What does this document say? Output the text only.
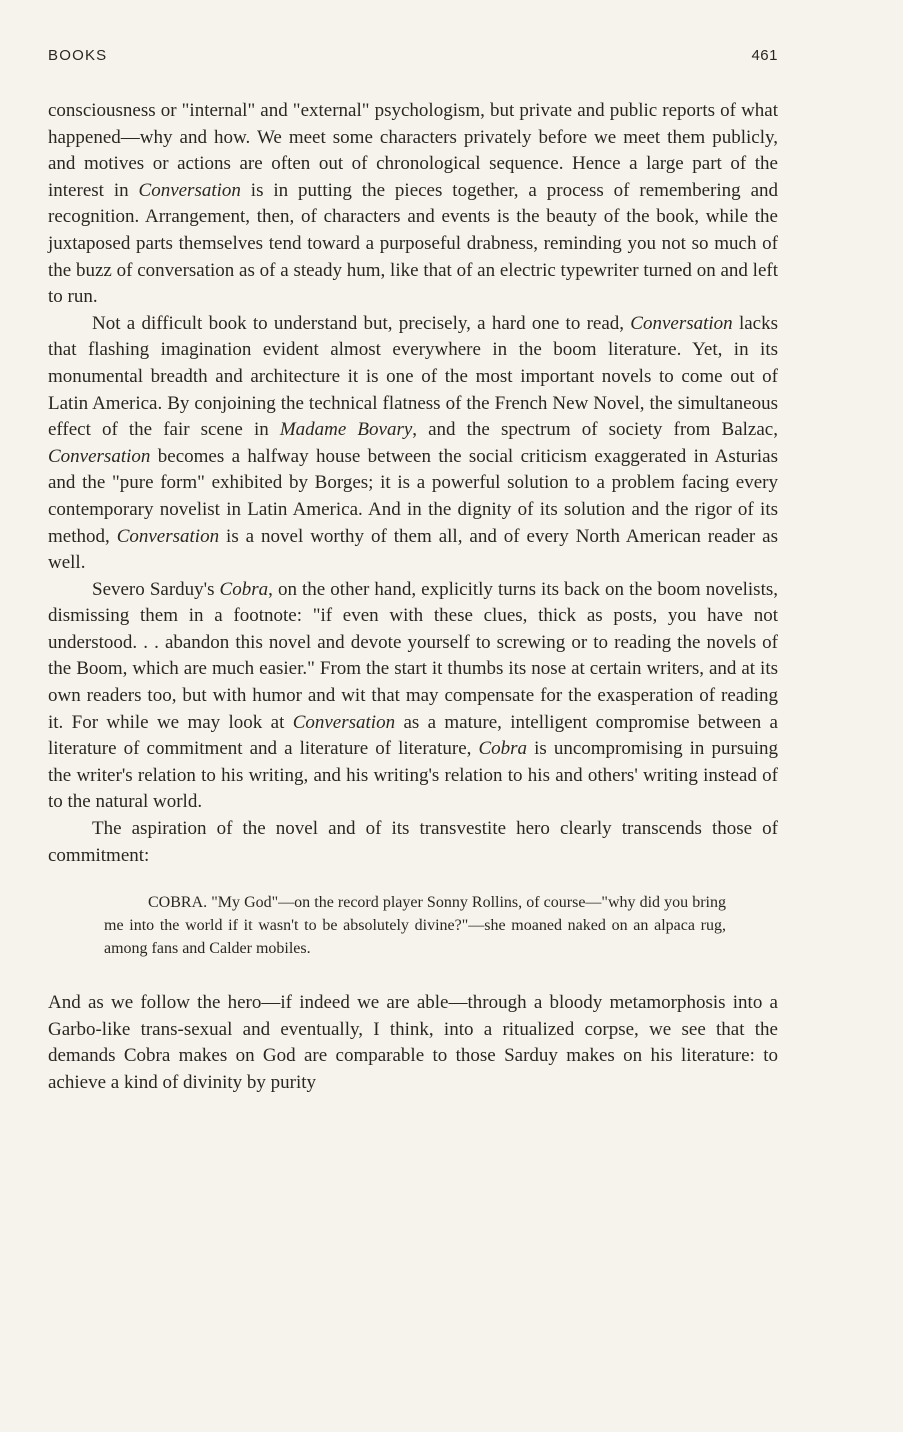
BOOKS	461

consciousness or "internal" and "external" psychologism, but private and public reports of what happened—why and how. We meet some characters privately before we meet them publicly, and motives or actions are often out of chronological sequence. Hence a large part of the interest in Conversation is in putting the pieces together, a process of remembering and recognition. Arrangement, then, of characters and events is the beauty of the book, while the juxtaposed parts themselves tend toward a purposeful drabness, reminding you not so much of the buzz of conversation as of a steady hum, like that of an electric typewriter turned on and left to run.

Not a difficult book to understand but, precisely, a hard one to read, Conversation lacks that flashing imagination evident almost everywhere in the boom literature. Yet, in its monumental breadth and architecture it is one of the most important novels to come out of Latin America. By conjoining the technical flatness of the French New Novel, the simultaneous effect of the fair scene in Madame Bovary, and the spectrum of society from Balzac, Conversation becomes a halfway house between the social criticism exaggerated in Asturias and the "pure form" exhibited by Borges; it is a powerful solution to a problem facing every contemporary novelist in Latin America. And in the dignity of its solution and the rigor of its method, Conversation is a novel worthy of them all, and of every North American reader as well.

Severo Sarduy's Cobra, on the other hand, explicitly turns its back on the boom novelists, dismissing them in a footnote: "if even with these clues, thick as posts, you have not understood. . . abandon this novel and devote yourself to screwing or to reading the novels of the Boom, which are much easier." From the start it thumbs its nose at certain writers, and at its own readers too, but with humor and wit that may compensate for the exasperation of reading it. For while we may look at Conversation as a mature, intelligent compromise between a literature of commitment and a literature of literature, Cobra is uncompromising in pursuing the writer's relation to his writing, and his writing's relation to his and others' writing instead of to the natural world.

The aspiration of the novel and of its transvestite hero clearly transcends those of commitment:

COBRA. "My God"—on the record player Sonny Rollins, of course—"why did you bring me into the world if it wasn't to be absolutely divine?"—she moaned naked on an alpaca rug, among fans and Calder mobiles.

And as we follow the hero—if indeed we are able—through a bloody metamorphosis into a Garbo-like trans-sexual and eventually, I think, into a ritualized corpse, we see that the demands Cobra makes on God are comparable to those Sarduy makes on his literature: to achieve a kind of divinity by purity
